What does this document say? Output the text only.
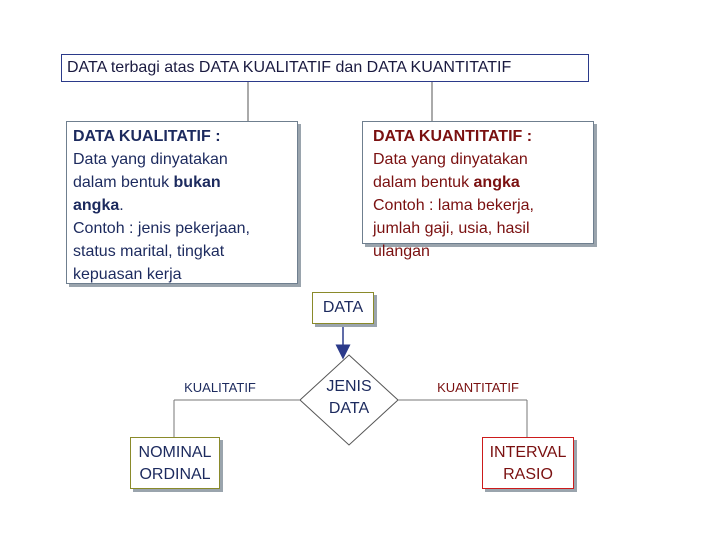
DATA terbagi atas DATA KUALITATIF dan DATA KUANTITATIF
DATA KUALITATIF :
Data yang dinyatakan
dalam bentuk bukan
angka.
Contoh : jenis pekerjaan,
status marital, tingkat
kepuasan kerja
DATA KUANTITATIF :
Data yang dinyatakan
dalam bentuk angka
Contoh : lama bekerja,
jumlah gaji, usia, hasil
ulangan
DATA
KUALITATIF	KUANTITATIF
JENIS
DATA
NOMINAL
ORDINAL
INTERVAL
RASIO
